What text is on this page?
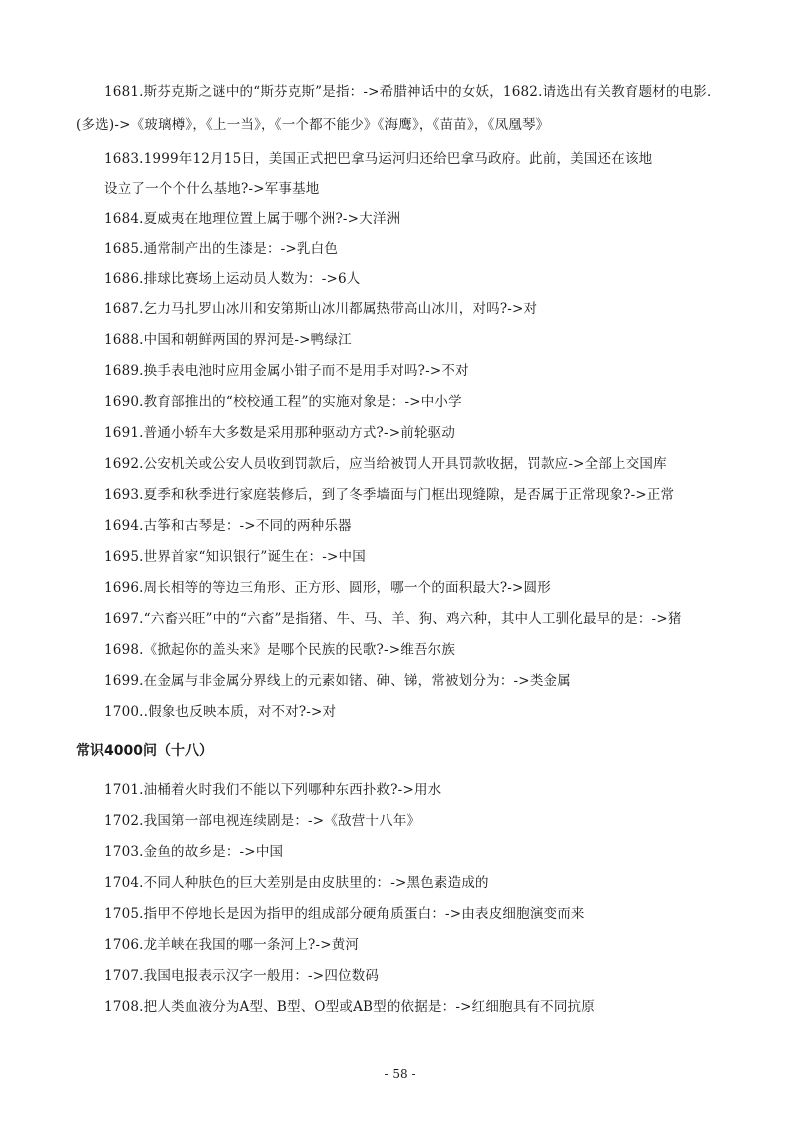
1681.斯芬克斯之谜中的“斯芬克斯”是指：->希腊神话中的女妖，1682.请选出有关教育题材的电影．(多选)->《玻璃樽》，《上一当》，《一个都不能少》《海鹰》，《苗苗》，《凤凰琴》
1683.1999年12月15日，美国正式把巴拿马运河归还给巴拿马政府。此前，美国还在该地
设立了一个个什么基地?->军事基地
1684.夏威夷在地理位置上属于哪个洲?->大洋洲
1685.通常制产出的生漆是：->乳白色
1686.排球比赛场上运动员人数为：->6人
1687.乞力马扎罗山冰川和安第斯山冰川都属热带高山冰川，对吗?->对
1688.中国和朝鲜两国的界河是->鸭绿江
1689.换手表电池时应用金属小钳子而不是用手对吗?->不对
1690.教育部推出的“校校通工程”的实施对象是：->中小学
1691.普通小轿车大多数是采用那种驱动方式?->前轮驱动
1692.公安机关或公安人员收到罚款后，应当给被罚人开具罚款收据，罚款应->全部上交国库
1693.夏季和秋季进行家庭装修后，到了冬季墙面与门框出现缝隙，是否属于正常现象?->正常
1694.古筝和古琴是：->不同的两种乐器
1695.世界首家“知识银行”诞生在：->中国
1696.周长相等的等边三角形、正方形、圆形，哪一个的面积最大?->圆形
1697.“六畜兴旺”中的“六畜”是指猪、牛、马、羊、狗、鸡六种，其中人工驯化最早的是：->猪
1698.《掀起你的盖头来》是哪个民族的民歌?->维吾尔族
1699.在金属与非金属分界线上的元素如锗、砷、锑，常被划分为：->类金属
1700..假象也反映本质，对不对?->对
常识4000问（十八）
1701.油桶着火时我们不能以下列哪种东西扑救?->用水
1702.我国第一部电视连续剧是：->《敌营十八年》
1703.金鱼的故乡是：->中国
1704.不同人种肤色的巨大差别是由皮肤里的：->黑色素造成的
1705.指甲不停地长是因为指甲的组成部分硬角质蛋白：->由表皮细胞演变而来
1706.龙羊峡在我国的哪一条河上?->黄河
1707.我国电报表示汉字一般用：->四位数码
1708.把人类血液分为A型、B型、O型或AB型的依据是：->红细胞具有不同抗原
- 58 -
